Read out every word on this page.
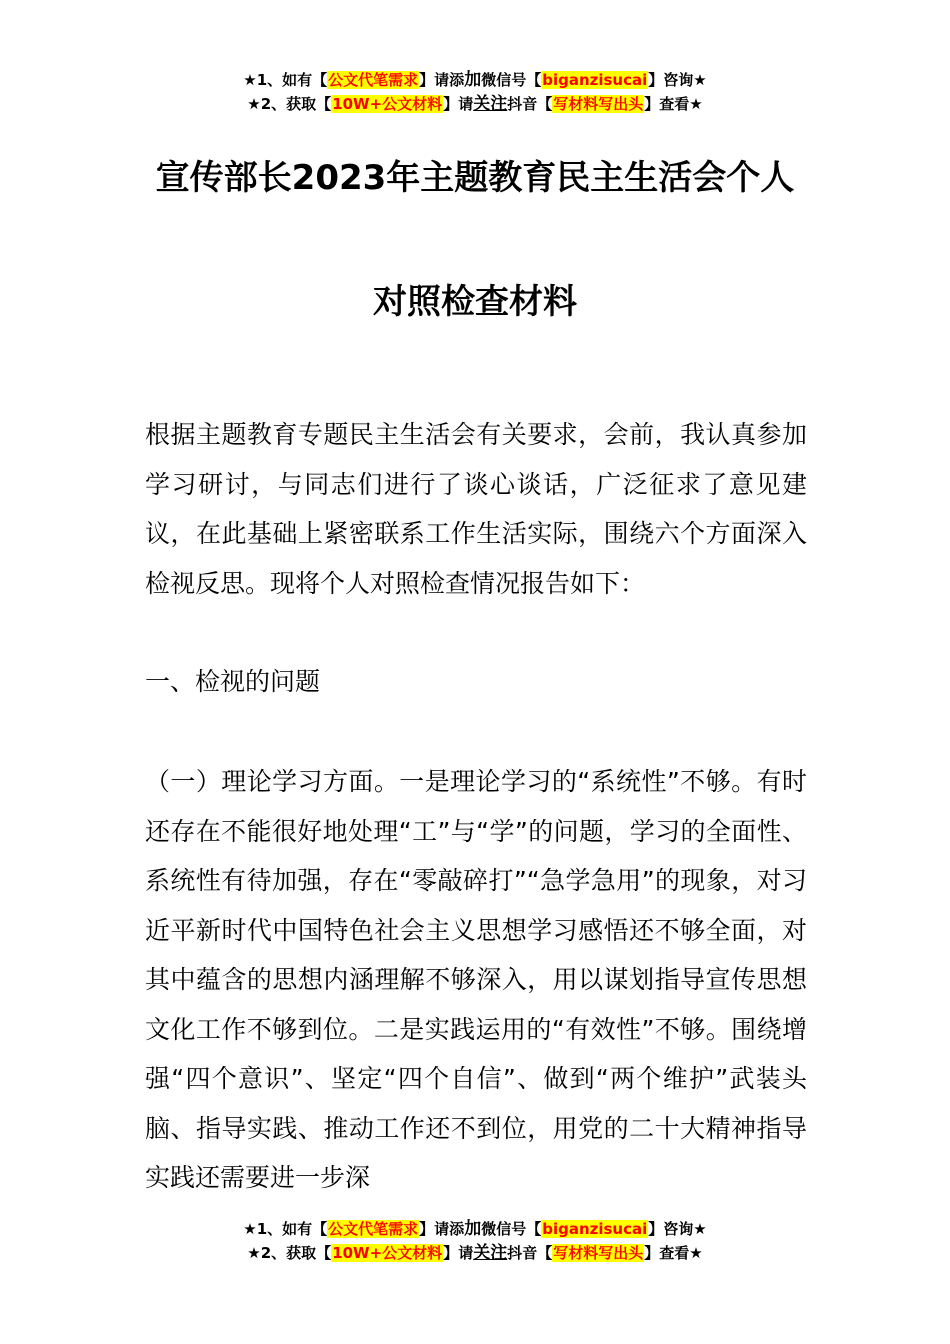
★1、如有【公文代笔需求】请添加微信号【biganzisucai】咨询★
★2、获取【10W+公文材料】请关注抖音【写材料写出头】查看★
宣传部长2023年主题教育民主生活会个人
对照检查材料
根据主题教育专题民主生活会有关要求，会前，我认真参加学习研讨，与同志们进行了谈心谈话，广泛征求了意见建议，在此基础上紧密联系工作生活实际，围绕六个方面深入检视反思。现将个人对照检查情况报告如下：
一、检视的问题
（一）理论学习方面。一是理论学习的“系统性”不够。有时还存在不能很好地处理“工”与“学”的问题，学习的全面性、系统性有待加强，存在“零敲碎打”“急学急用”的现象，对习近平新时代中国特色社会主义思想学习感悟还不够全面，对其中蕴含的思想内涵理解不够深入，用以谋划指导宣传思想文化工作不够到位。二是实践运用的“有效性”不够。围绕增强“四个意识”、坚定“四个自信”、做到“两个维护”武装头脑、指导实践、推动工作还不到位，用党的二十大精神指导实践还需要进一步深
★1、如有【公文代笔需求】请添加微信号【biganzisucai】咨询★
★2、获取【10W+公文材料】请关注抖音【写材料写出头】查看★
